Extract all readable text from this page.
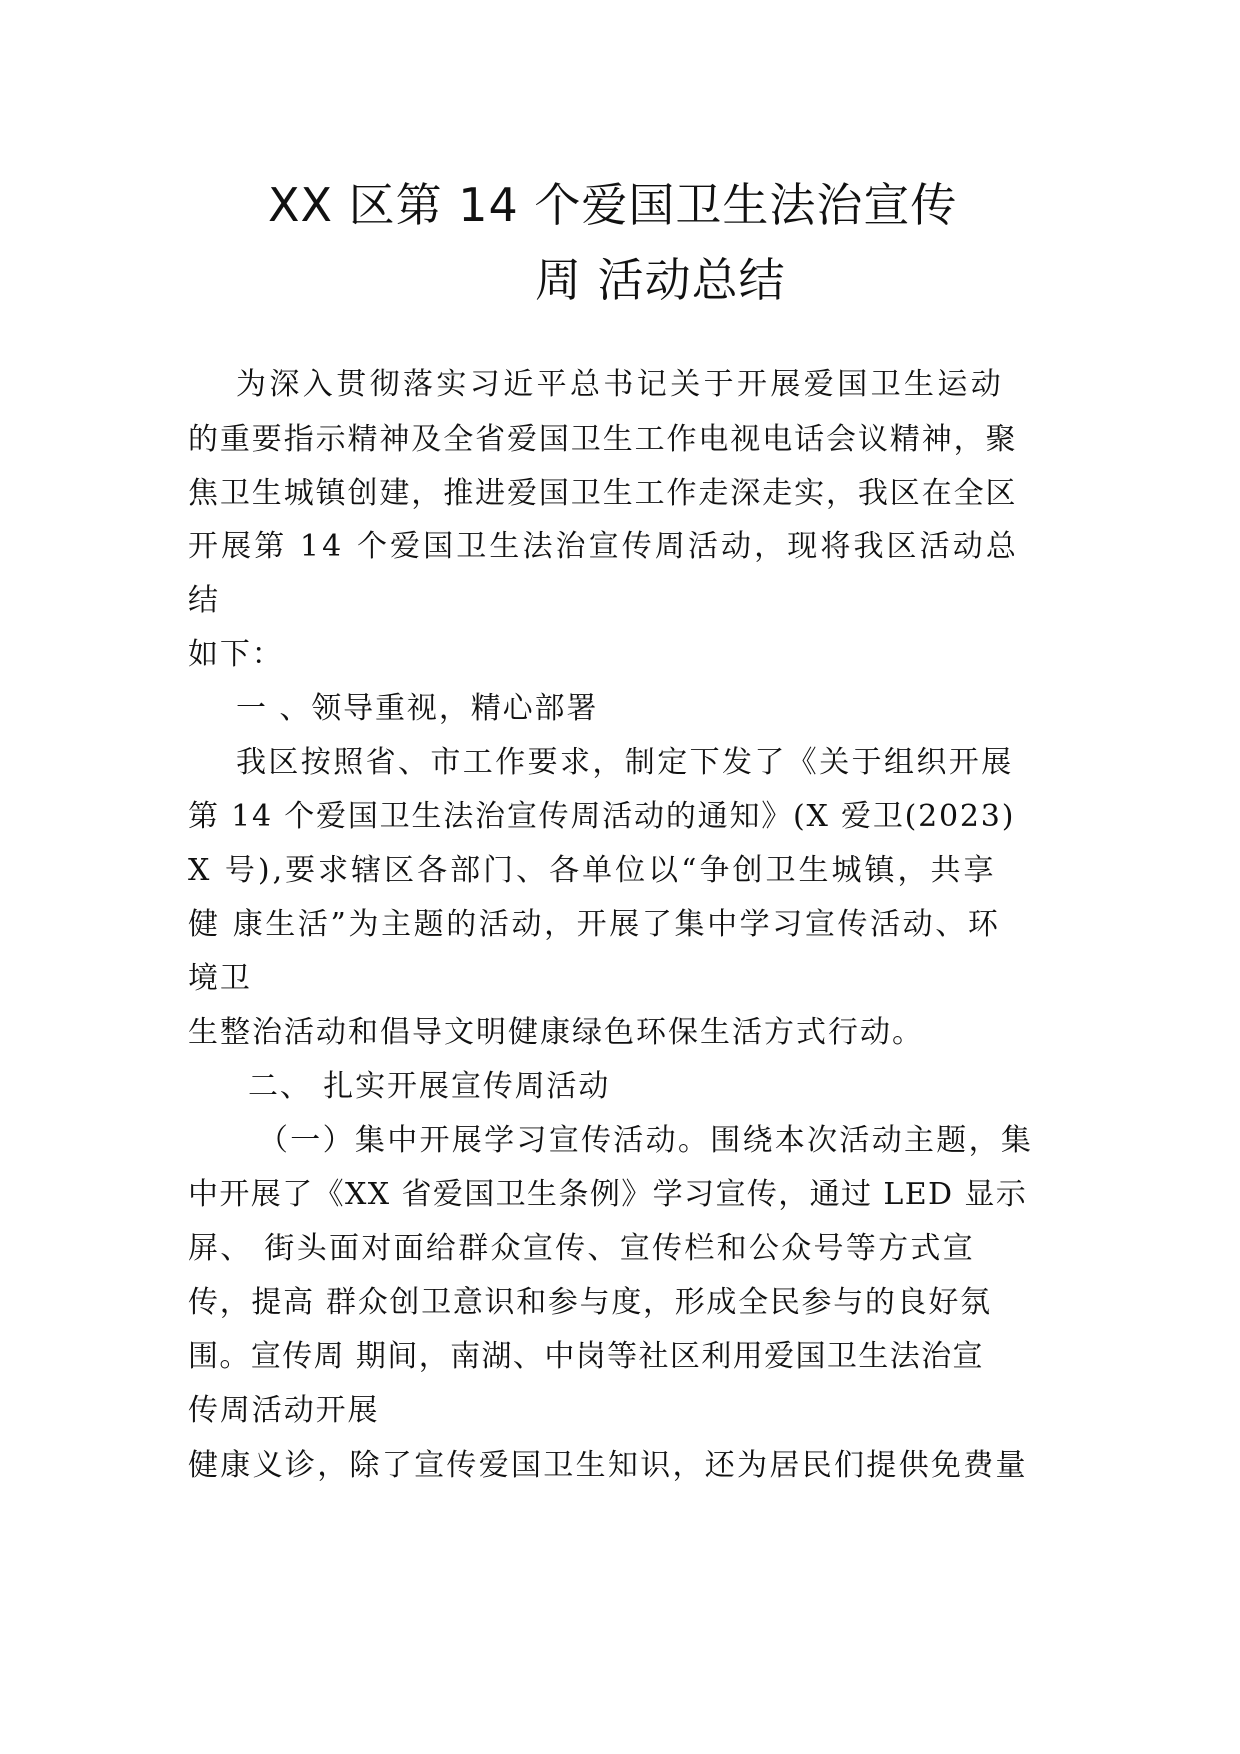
XX 区第 14 个爱国卫生法治宣传
周 活动总结

为深入贯彻落实习近平总书记关于开展爱国卫生运动

的重要指示精神及全省爱国卫生工作电视电话会议精神，聚

焦卫生城镇创建，推进爱国卫生工作走深走实，我区在全区

开展第 14 个爱国卫生法治宣传周活动，现将我区活动总

结

如下：

一 、领导重视，精心部署

我区按照省、市工作要求，制定下发了《关于组织开展

第 14 个爱国卫生法治宣传周活动的通知》(X 爱卫(2023)

X 号),要求辖区各部门、各单位以“争创卫生城镇，共享

健 康生活”为主题的活动，开展了集中学习宣传活动、环

境卫

生整治活动和倡导文明健康绿色环保生活方式行动。

二、 扎实开展宣传周活动

（一）集中开展学习宣传活动。围绕本次活动主题，集

中开展了《XX 省爱国卫生条例》学习宣传，通过 LED 显示

屏、 街头面对面给群众宣传、宣传栏和公众号等方式宣

传，提高 群众创卫意识和参与度，形成全民参与的良好氛

围。宣传周 期间，南湖、中岗等社区利用爱国卫生法治宣

传周活动开展

健康义诊，除了宣传爱国卫生知识，还为居民们提供免费量
